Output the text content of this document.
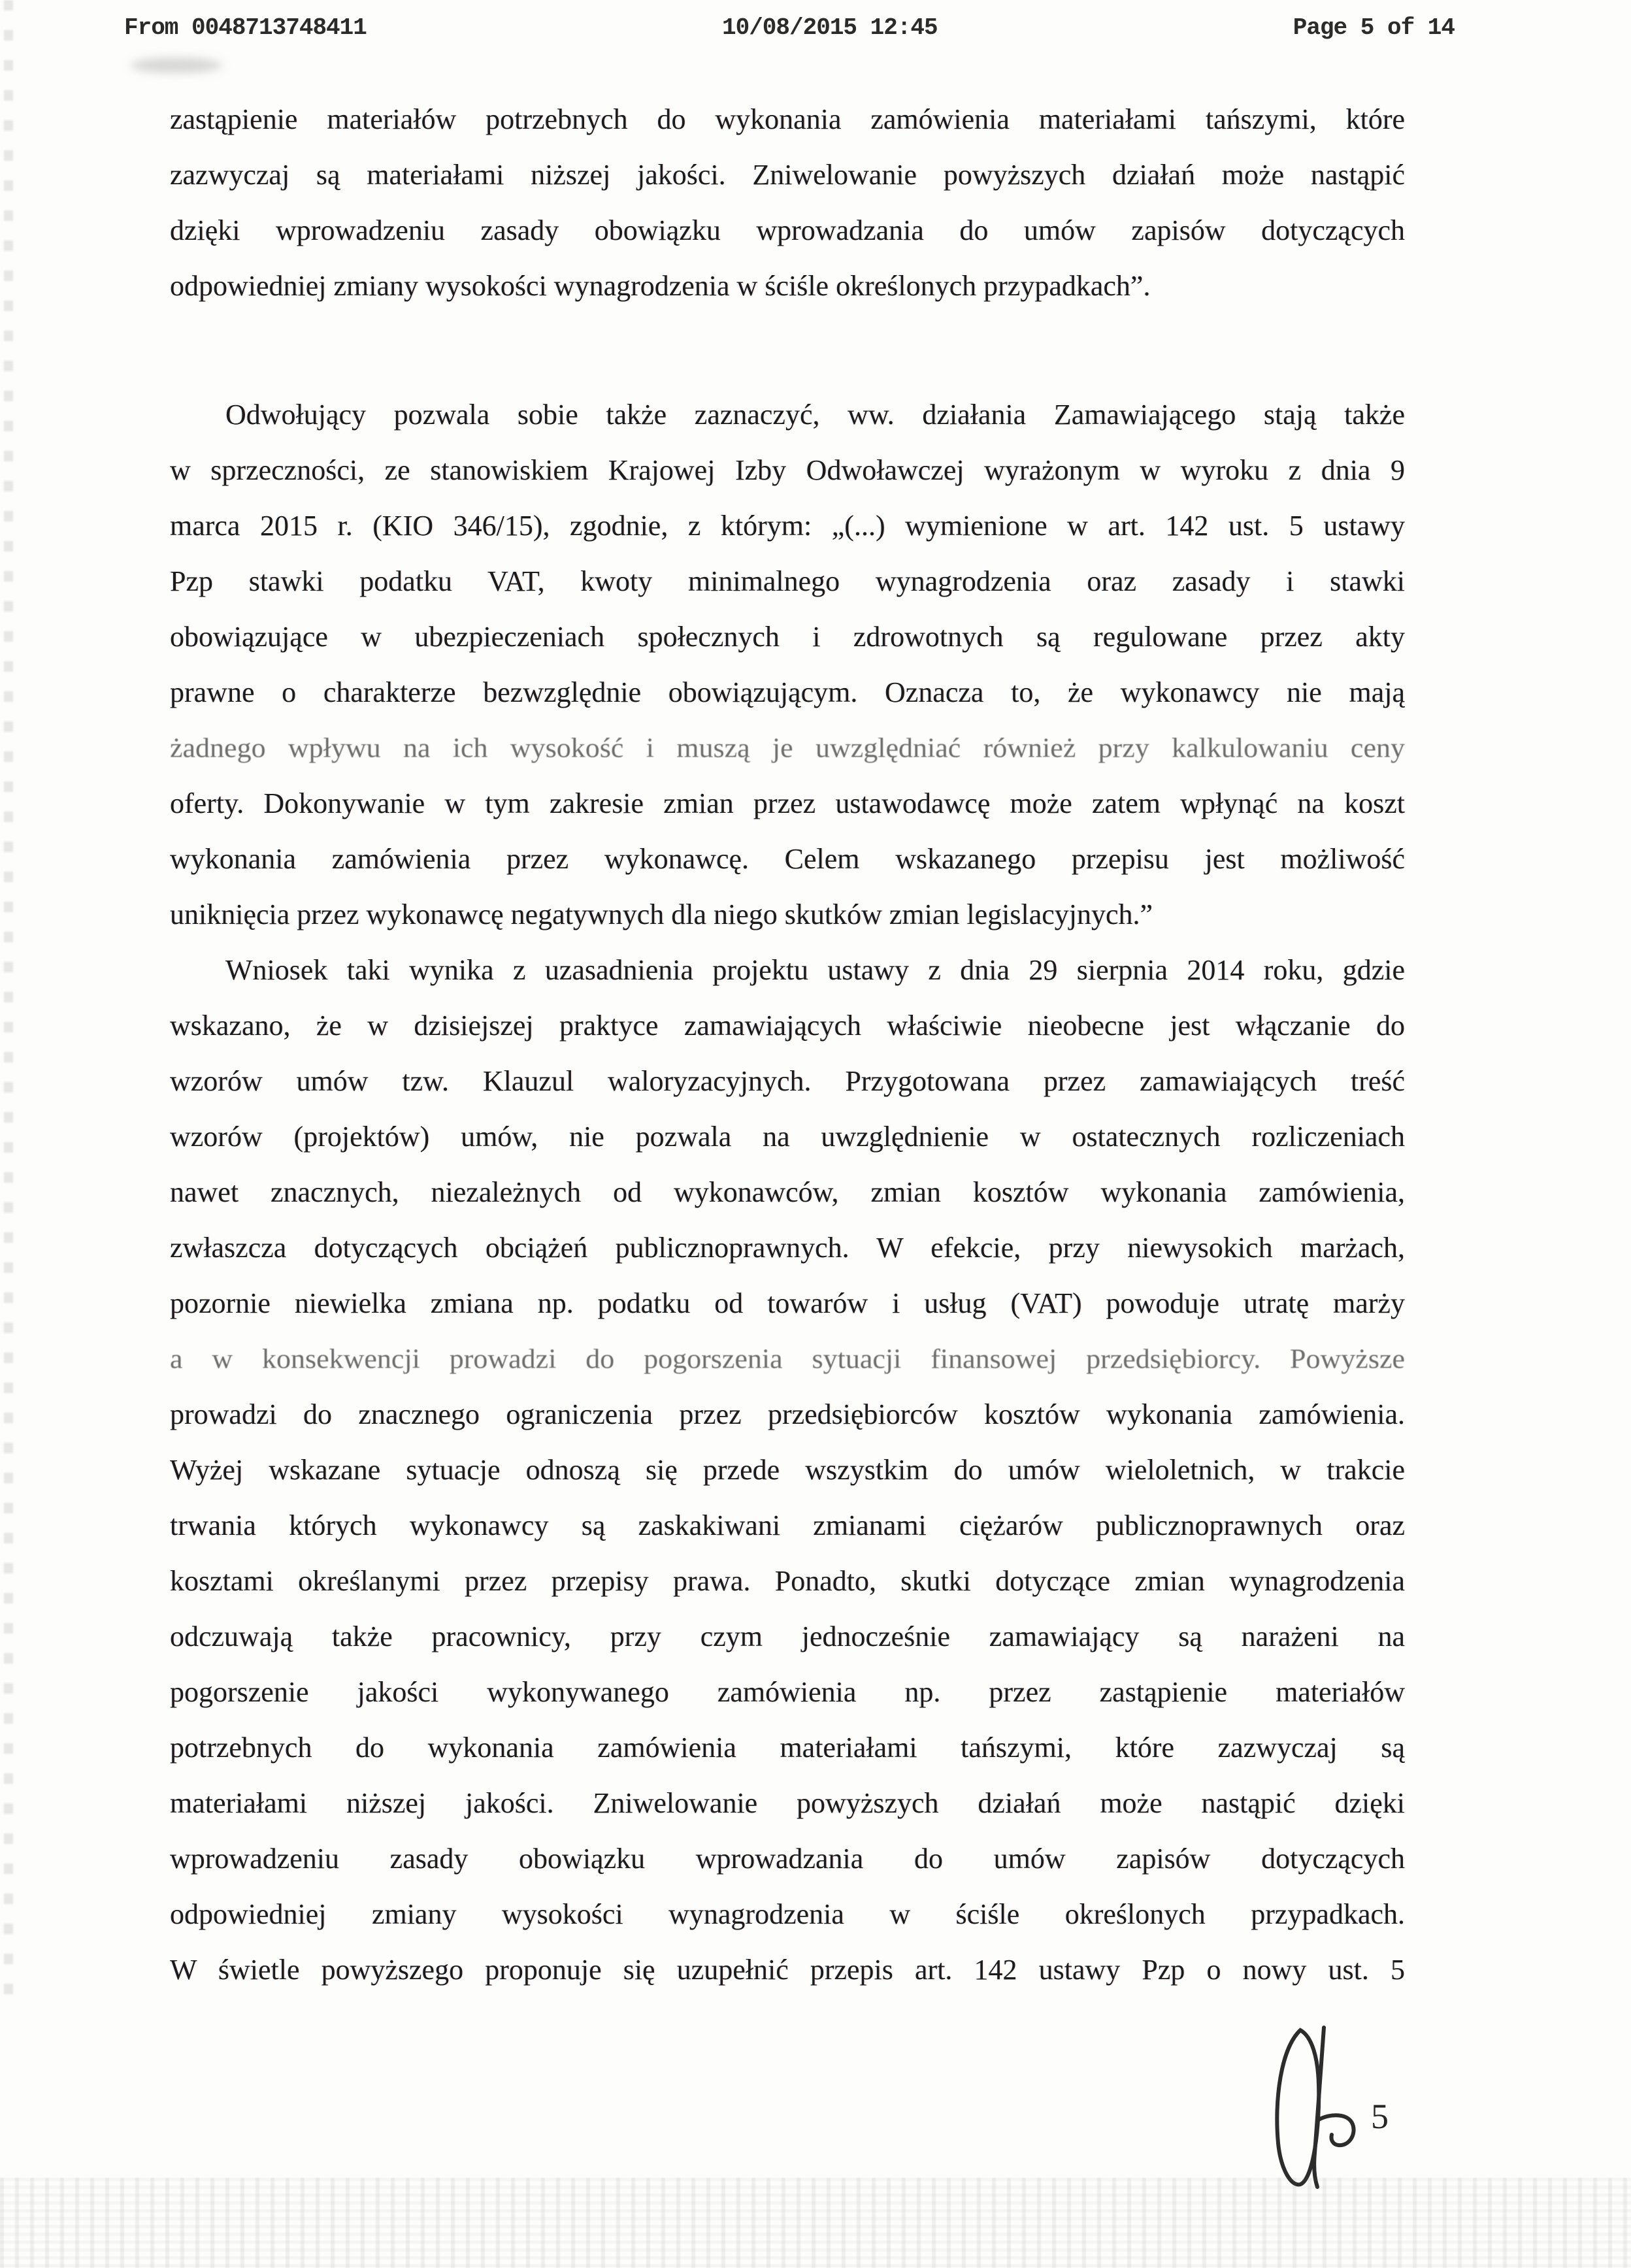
From 0048713748411	10/08/2015 12:45	Page 5 of 14
zastąpienie materiałów potrzebnych do wykonania zamówienia materiałami tańszymi, które
zazwyczaj są materiałami niższej jakości. Zniwelowanie powyższych działań może nastąpić
dzięki wprowadzeniu zasady obowiązku wprowadzania do umów zapisów dotyczących
odpowiedniej zmiany wysokości wynagrodzenia w ściśle określonych przypadkach”.
Odwołujący pozwala sobie także zaznaczyć, ww. działania Zamawiającego stają także
w sprzeczności, ze stanowiskiem Krajowej Izby Odwoławczej wyrażonym w wyroku z dnia 9
marca 2015 r. (KIO 346/15), zgodnie, z którym: „(...) wymienione w art. 142 ust. 5 ustawy
Pzp stawki podatku VAT, kwoty minimalnego wynagrodzenia oraz zasady i stawki
obowiązujące w ubezpieczeniach społecznych i zdrowotnych są regulowane przez akty
prawne o charakterze bezwzględnie obowiązującym. Oznacza to, że wykonawcy nie mają
żadnego wpływu na ich wysokość i muszą je uwzględniać również przy kalkulowaniu ceny
oferty. Dokonywanie w tym zakresie zmian przez ustawodawcę może zatem wpłynąć na koszt
wykonania zamówienia przez wykonawcę. Celem wskazanego przepisu jest możliwość
uniknięcia przez wykonawcę negatywnych dla niego skutków zmian legislacyjnych.”
Wniosek taki wynika z uzasadnienia projektu ustawy z dnia 29 sierpnia 2014 roku, gdzie
wskazano, że w dzisiejszej praktyce zamawiających właściwie nieobecne jest włączanie do
wzorów umów tzw. Klauzul waloryzacyjnych. Przygotowana przez zamawiających treść
wzorów (projektów) umów, nie pozwala na uwzględnienie w ostatecznych rozliczeniach
nawet znacznych, niezależnych od wykonawców, zmian kosztów wykonania zamówienia,
zwłaszcza dotyczących obciążeń publicznoprawnych. W efekcie, przy niewysokich marżach,
pozornie niewielka zmiana np. podatku od towarów i usług (VAT) powoduje utratę marży
a w konsekwencji prowadzi do pogorszenia sytuacji finansowej przedsiębiorcy. Powyższe
prowadzi do znacznego ograniczenia przez przedsiębiorców kosztów wykonania zamówienia.
Wyżej wskazane sytuacje odnoszą się przede wszystkim do umów wieloletnich, w trakcie
trwania których wykonawcy są zaskakiwani zmianami ciężarów publicznoprawnych oraz
kosztami określanymi przez przepisy prawa. Ponadto, skutki dotyczące zmian wynagrodzenia
odczuwają także pracownicy, przy czym jednocześnie zamawiający są narażeni na
pogorszenie jakości wykonywanego zamówienia np. przez zastąpienie materiałów
potrzebnych do wykonania zamówienia materiałami tańszymi, które zazwyczaj są
materiałami niższej jakości. Zniwelowanie powyższych działań może nastąpić dzięki
wprowadzeniu zasady obowiązku wprowadzania do umów zapisów dotyczących
odpowiedniej zmiany wysokości wynagrodzenia w ściśle określonych przypadkach.
W świetle powyższego proponuje się uzupełnić przepis art. 142 ustawy Pzp o nowy ust. 5
5
